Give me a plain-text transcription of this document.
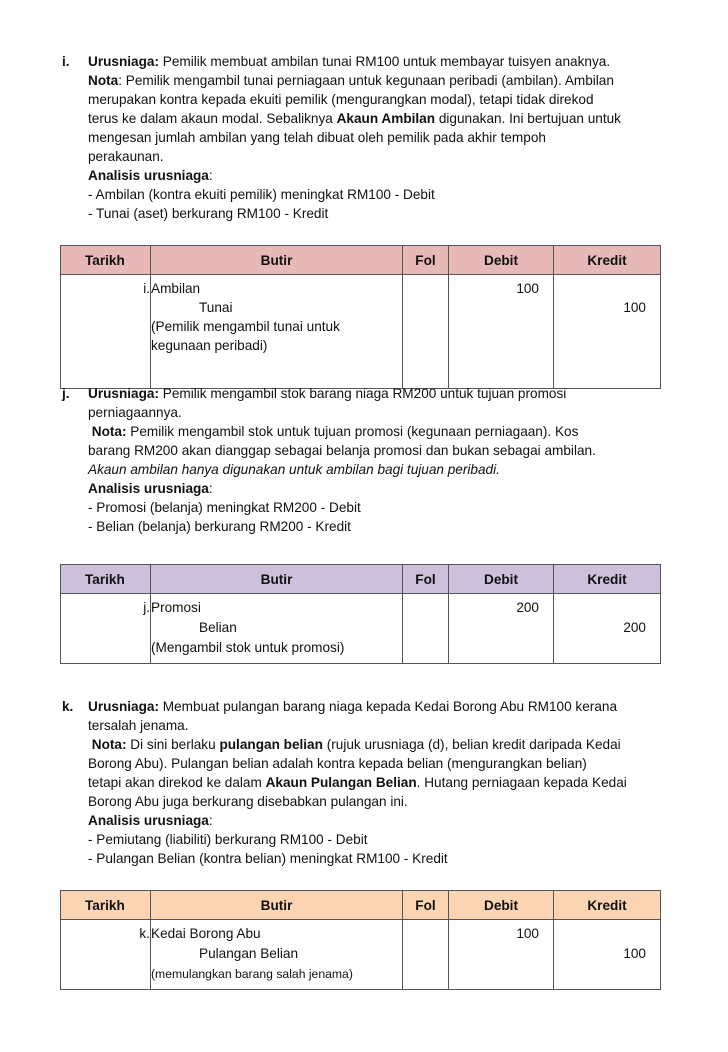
i. Urusniaga: Pemilik membuat ambilan tunai RM100 untuk membayar tuisyen anaknya.
Nota: Pemilik mengambil tunai perniagaan untuk kegunaan peribadi (ambilan). Ambilan
merupakan kontra kepada ekuiti pemilik (mengurangkan modal), tetapi tidak direkod
terus ke dalam akaun modal. Sebaliknya Akaun Ambilan digunakan. Ini bertujuan untuk
mengesan jumlah ambilan yang telah dibuat oleh pemilik pada akhir tempoh
perakaunan.
Analisis urusniaga:
- Ambilan (kontra ekuiti pemilik) meningkat RM100 - Debit
- Tunai (aset) berkurang RM100 - Kredit
Tarikh	Butir	Fol	Debit	Kredit

i.	Ambilan
Tunai
(Pemilik mengambil tunai untuk
kegunaan peribadi)		100	100
j. Urusniaga: Pemilik mengambil stok barang niaga RM200 untuk tujuan promosi
perniagaannya.
Nota: Pemilik mengambil stok untuk tujuan promosi (kegunaan perniagaan). Kos
barang RM200 akan dianggap sebagai belanja promosi dan bukan sebagai ambilan.
Akaun ambilan hanya digunakan untuk ambilan bagi tujuan peribadi.
Analisis urusniaga:
- Promosi (belanja) meningkat RM200 - Debit
- Belian (belanja) berkurang RM200 - Kredit
Tarikh	Butir	Fol	Debit	Kredit

j.	Promosi
Belian
(Mengambil stok untuk promosi)		200	200
k. Urusniaga: Membuat pulangan barang niaga kepada Kedai Borong Abu RM100 kerana
tersalah jenama.
Nota: Di sini berlaku pulangan belian (rujuk urusniaga (d), belian kredit daripada Kedai
Borong Abu). Pulangan belian adalah kontra kepada belian (mengurangkan belian)
tetapi akan direkod ke dalam Akaun Pulangan Belian. Hutang perniagaan kepada Kedai
Borong Abu juga berkurang disebabkan pulangan ini.
Analisis urusniaga:
- Pemiutang (liabiliti) berkurang RM100 - Debit
- Pulangan Belian (kontra belian) meningkat RM100 - Kredit
Tarikh	Butir	Fol	Debit	Kredit

k.	Kedai Borong Abu
Pulangan Belian
(memulangkan barang salah jenama)		100	100
